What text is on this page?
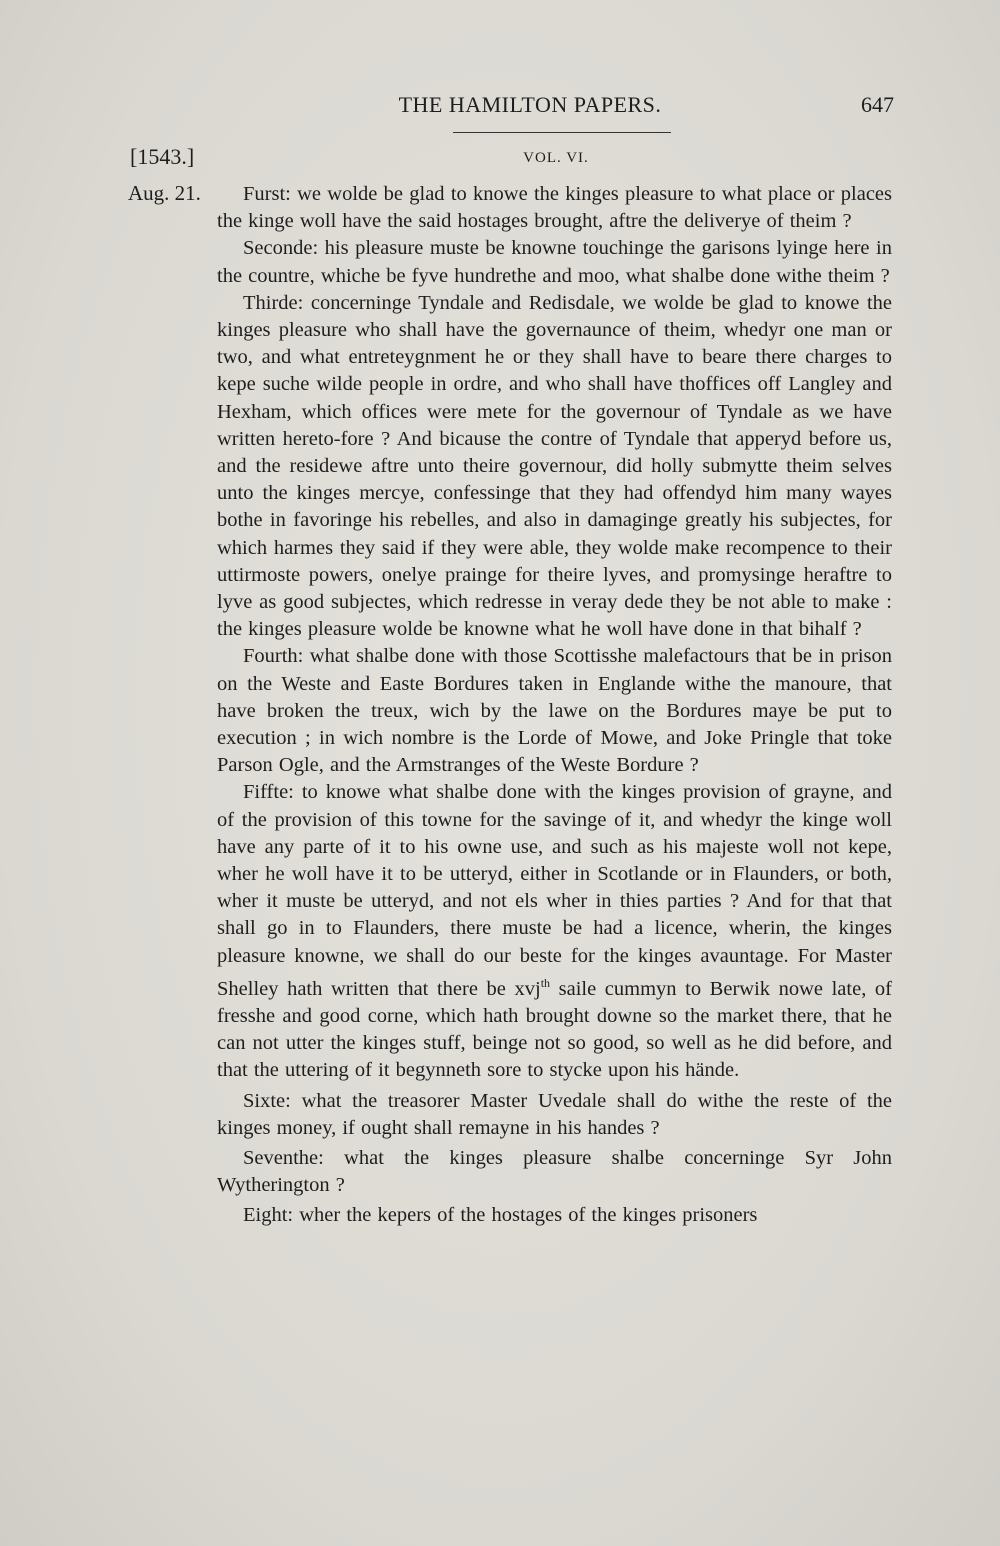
THE HAMILTON PAPERS.	647
[1543.]	VOL. VI.
Aug. 21.	Furst: we wolde be glad to knowe the kinges pleasure to what place or places the kinge woll have the said hostages brought, aftre the deliverye of theim ?

Seconde: his pleasure muste be knowne touchinge the garisons lyinge here in the countre, whiche be fyve hundrethe and moo, what shalbe done withe theim ?

Thirde: concerninge Tyndale and Redisdale, we wolde be glad to knowe the kinges pleasure who shall have the governaunce of theim, whedyr one man or two, and what entreteygnment he or they shall have to beare there charges to kepe suche wilde people in ordre, and who shall have thoffices off Langley and Hexham, which offices were mete for the governour of Tyndale as we have written hereto-fore ? And bicause the contre of Tyndale that apperyd before us, and the residewe aftre unto theire governour, did holly submytte theim selves unto the kinges mercye, confessinge that they had offendyd him many wayes bothe in favoringe his rebelles, and also in damaginge greatly his subjectes, for which harmes they said if they were able, they wolde make recompence to their uttirmoste powers, onelye prainge for theire lyves, and promysinge heraftre to lyve as good subjectes, which redresse in veray dede they be not able to make : the kinges pleasure wolde be knowne what he woll have done in that bihalf ?

Fourth: what shalbe done with those Scottisshe malefactours that be in prison on the Weste and Easte Bordures taken in Englande withe the manoure, that have broken the treux, wich by the lawe on the Bordures maye be put to execution ; in wich nombre is the Lorde of Mowe, and Joke Pringle that toke Parson Ogle, and the Armstranges of the Weste Bordure ?

Fiffte: to knowe what shalbe done with the kinges provision of grayne, and of the provision of this towne for the savinge of it, and whedyr the kinge woll have any parte of it to his owne use, and such as his majeste woll not kepe, wher he woll have it to be utteryd, either in Scotlande or in Flaunders, or both, wher it muste be utteryd, and not els wher in thies parties ? And for that that shall go in to Flaunders, there muste be had a licence, wherin, the kinges pleasure knowne, we shall do our beste for the kinges avauntage. For Master Shelley hath written that there be xvj$^{th}$ saile cummyn to Berwik nowe late, of fresshe and good corne, which hath brought downe so the market there, that he can not utter the kinges stuff, beinge not so good, so well as he did before, and that the uttering of it begynneth sore to stycke upon his hände.

Sixte: what the treasorer Master Uvedale shall do withe the reste of the kinges money, if ought shall remayne in his handes ?

Seventhe: what the kinges pleasure shalbe concerninge Syr John Wytherington ?

Eight: wher the kepers of the hostages of the kinges prisoners
